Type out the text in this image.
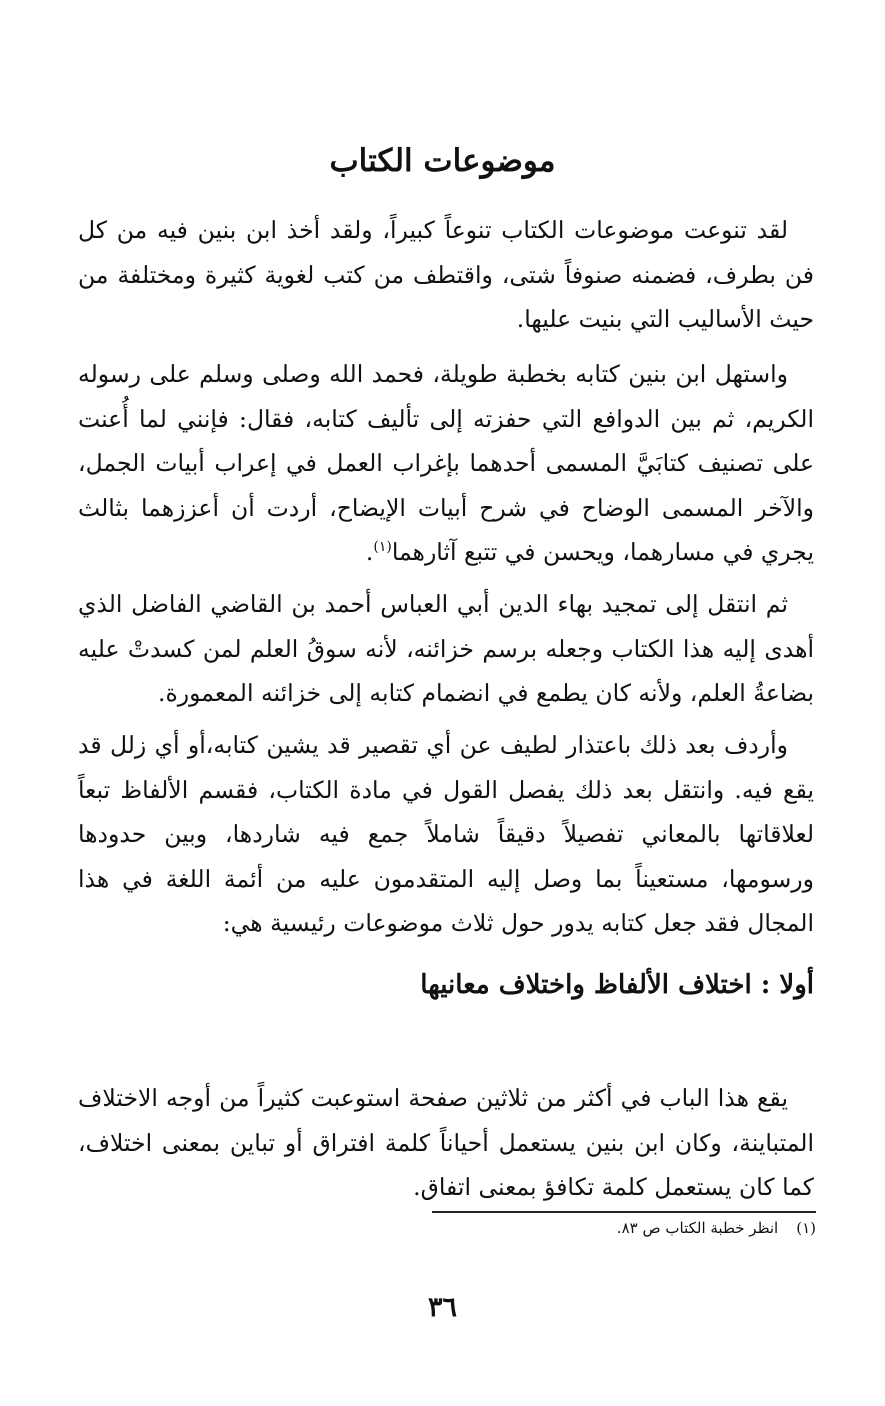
موضوعات الكتاب

لقد تنوعت موضوعات الكتاب تنوعاً كبيراً، ولقد أخذ ابن بنين فيه من كل فن بطرف، فضمنه صنوفاً شتى، واقتطف من كتب لغوية كثيرة ومختلفة من حيث الأساليب التي بنيت عليها.

واستهل ابن بنين كتابه بخطبة طويلة، فحمد الله وصلى وسلم على رسوله الكريم، ثم بين الدوافع التي حفزته إلى تأليف كتابه، فقال: فإنني لما أُعنت على تصنيف كتابَيَّ المسمى أحدهما بإغراب العمل في إعراب أبيات الجمل، والآخر المسمى الوضاح في شرح أبيات الإيضاح، أردت أن أعززهما بثالث يجري في مسارهما، ويحسن في تتبع آثارهما$^{(١)}$.

ثم انتقل إلى تمجيد بهاء الدين أبي العباس أحمد بن القاضي الفاضل الذي أهدى إليه هذا الكتاب وجعله برسم خزائنه، لأنه سوقُ العلم لمن كسدتْ عليه بضاعةُ العلم، ولأنه كان يطمع في انضمام كتابه إلى خزائنه المعمورة.

وأردف بعد ذلك باعتذار لطيف عن أي تقصير قد يشين كتابه،أو أي زلل قد يقع فيه. وانتقل بعد ذلك يفصل القول في مادة الكتاب، فقسم الألفاظ تبعاً لعلاقاتها بالمعاني تفصيلاً دقيقاً شاملاً جمع فيه شاردها، وبين حدودها ورسومها، مستعيناً بما وصل إليه المتقدمون عليه من أئمة اللغة في هذا المجال فقد جعل كتابه يدور حول ثلاث موضوعات رئيسية هي:

أولا : اختلاف الألفاظ واختلاف معانيها

يقع هذا الباب في أكثر من ثلاثين صفحة استوعبت كثيراً من أوجه الاختلاف المتباينة، وكان ابن بنين يستعمل أحياناً كلمة افتراق أو تباين بمعنى اختلاف، كما كان يستعمل كلمة تكافؤ بمعنى اتفاق.

(١)انظر خطبة الكتاب ص ٨٣.

٣٦
